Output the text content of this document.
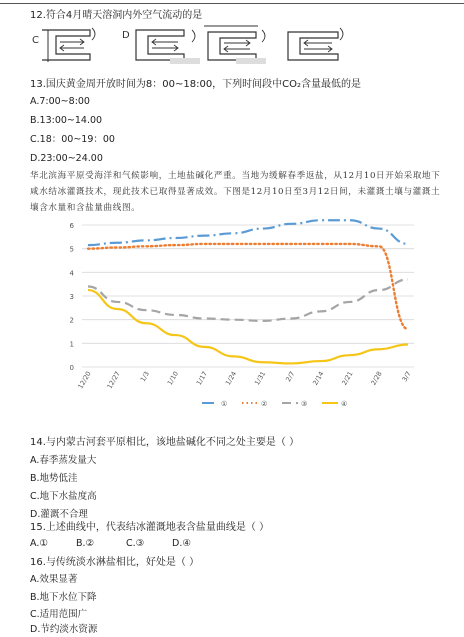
12.符合4月晴天溶洞内外空气流动的是
C	D
13.国庆黄金周开放时间为8：00~18:00，下列时间段中CO₂含量最低的是
A.7:00~8:00
B.13:00~14.00
C.18：00~19：00
D.23:00~24.00
华北滨海平原受海洋和气候影响，土地盐碱化严重。当地为缓解春季返盐，从12月10日开始采取地下咸水结冰灌溉技术，现此技术已取得显著成效。下图是12月10日至3月12日间，未灌溉土壤与灌溉土壤含水量和含盐量曲线图。
0
1
2
3
4
5
6
12/20 12/27	1/3 1/10 1/17 1/24 1/31	2/7 2/14 2/21 2/28	3/7
①	②	③	④
14.与内蒙古河套平原相比，该地盐碱化不同之处主要是（ ）
A.春季蒸发量大
B.地势低洼
C.地下水盐度高
D.灌溉不合理
15.上述曲线中，代表结冰灌溉地表含盐量曲线是（ ）
A.①	B.②	C.③	D.④
16.与传统淡水淋盐相比，好处是（ ）
A.效果显著
B.地下水位下降
C.适用范围广
D.节约淡水资源
